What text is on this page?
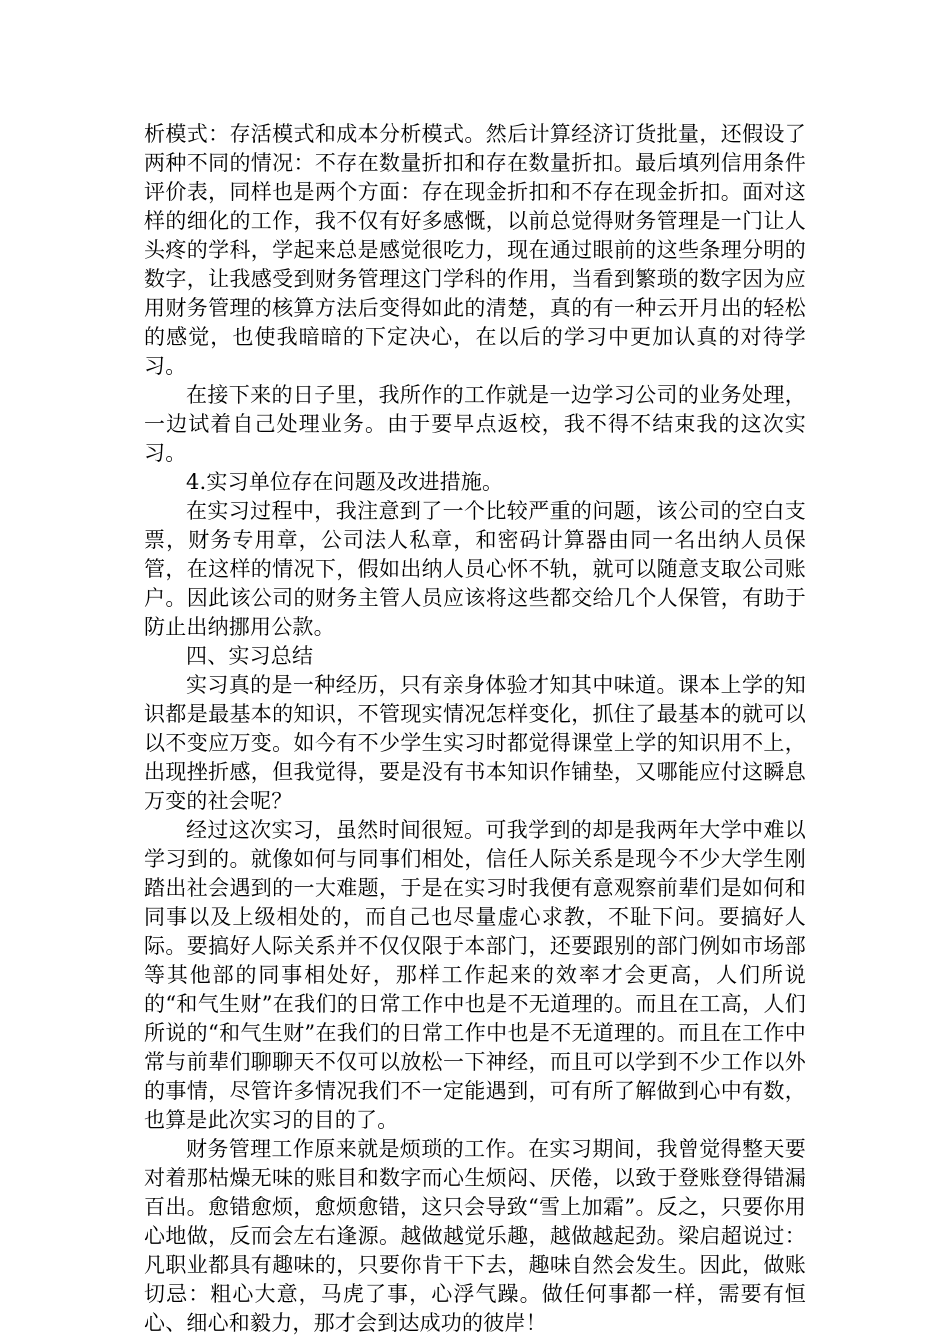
析模式：存活模式和成本分析模式。然后计算经济订货批量，还假设了两种不同的情况：不存在数量折扣和存在数量折扣。最后填列信用条件评价表，同样也是两个方面：存在现金折扣和不存在现金折扣。面对这样的细化的工作，我不仅有好多感慨，以前总觉得财务管理是一门让人头疼的学科，学起来总是感觉很吃力，现在通过眼前的这些条理分明的数字，让我感受到财务管理这门学科的作用，当看到繁琐的数字因为应用财务管理的核算方法后变得如此的清楚，真的有一种云开月出的轻松的感觉，也使我暗暗的下定决心，在以后的学习中更加认真的对待学习。

在接下来的日子里，我所作的工作就是一边学习公司的业务处理，一边试着自己处理业务。由于要早点返校，我不得不结束我的这次实习。

4.实习单位存在问题及改进措施。

在实习过程中，我注意到了一个比较严重的问题，该公司的空白支票，财务专用章，公司法人私章，和密码计算器由同一名出纳人员保管，在这样的情况下，假如出纳人员心怀不轨，就可以随意支取公司账户。因此该公司的财务主管人员应该将这些都交给几个人保管，有助于防止出纳挪用公款。

四、实习总结

实习真的是一种经历，只有亲身体验才知其中味道。课本上学的知识都是最基本的知识，不管现实情况怎样变化，抓住了最基本的就可以以不变应万变。如今有不少学生实习时都觉得课堂上学的知识用不上，出现挫折感，但我觉得，要是没有书本知识作铺垫，又哪能应付这瞬息万变的社会呢？

经过这次实习，虽然时间很短。可我学到的却是我两年大学中难以学习到的。就像如何与同事们相处，信任人际关系是现今不少大学生刚踏出社会遇到的一大难题，于是在实习时我便有意观察前辈们是如何和同事以及上级相处的，而自己也尽量虚心求教，不耻下问。要搞好人际。要搞好人际关系并不仅仅限于本部门，还要跟别的部门例如市场部等其他部的同事相处好，那样工作起来的效率才会更高，人们所说的“和气生财”在我们的日常工作中也是不无道理的。而且在工高，人们所说的“和气生财”在我们的日常工作中也是不无道理的。而且在工作中常与前辈们聊聊天不仅可以放松一下神经，而且可以学到不少工作以外的事情，尽管许多情况我们不一定能遇到，可有所了解做到心中有数，也算是此次实习的目的了。

财务管理工作原来就是烦琐的工作。在实习期间，我曾觉得整天要对着那枯燥无味的账目和数字而心生烦闷、厌倦，以致于登账登得错漏百出。愈错愈烦，愈烦愈错，这只会导致“雪上加霜”。反之，只要你用心地做，反而会左右逢源。越做越觉乐趣，越做越起劲。梁启超说过：凡职业都具有趣味的，只要你肯干下去，趣味自然会发生。因此，做账切忌：粗心大意，马虎了事，心浮气躁。做任何事都一样，需要有恒心、细心和毅力，那才会到达成功的彼岸！
